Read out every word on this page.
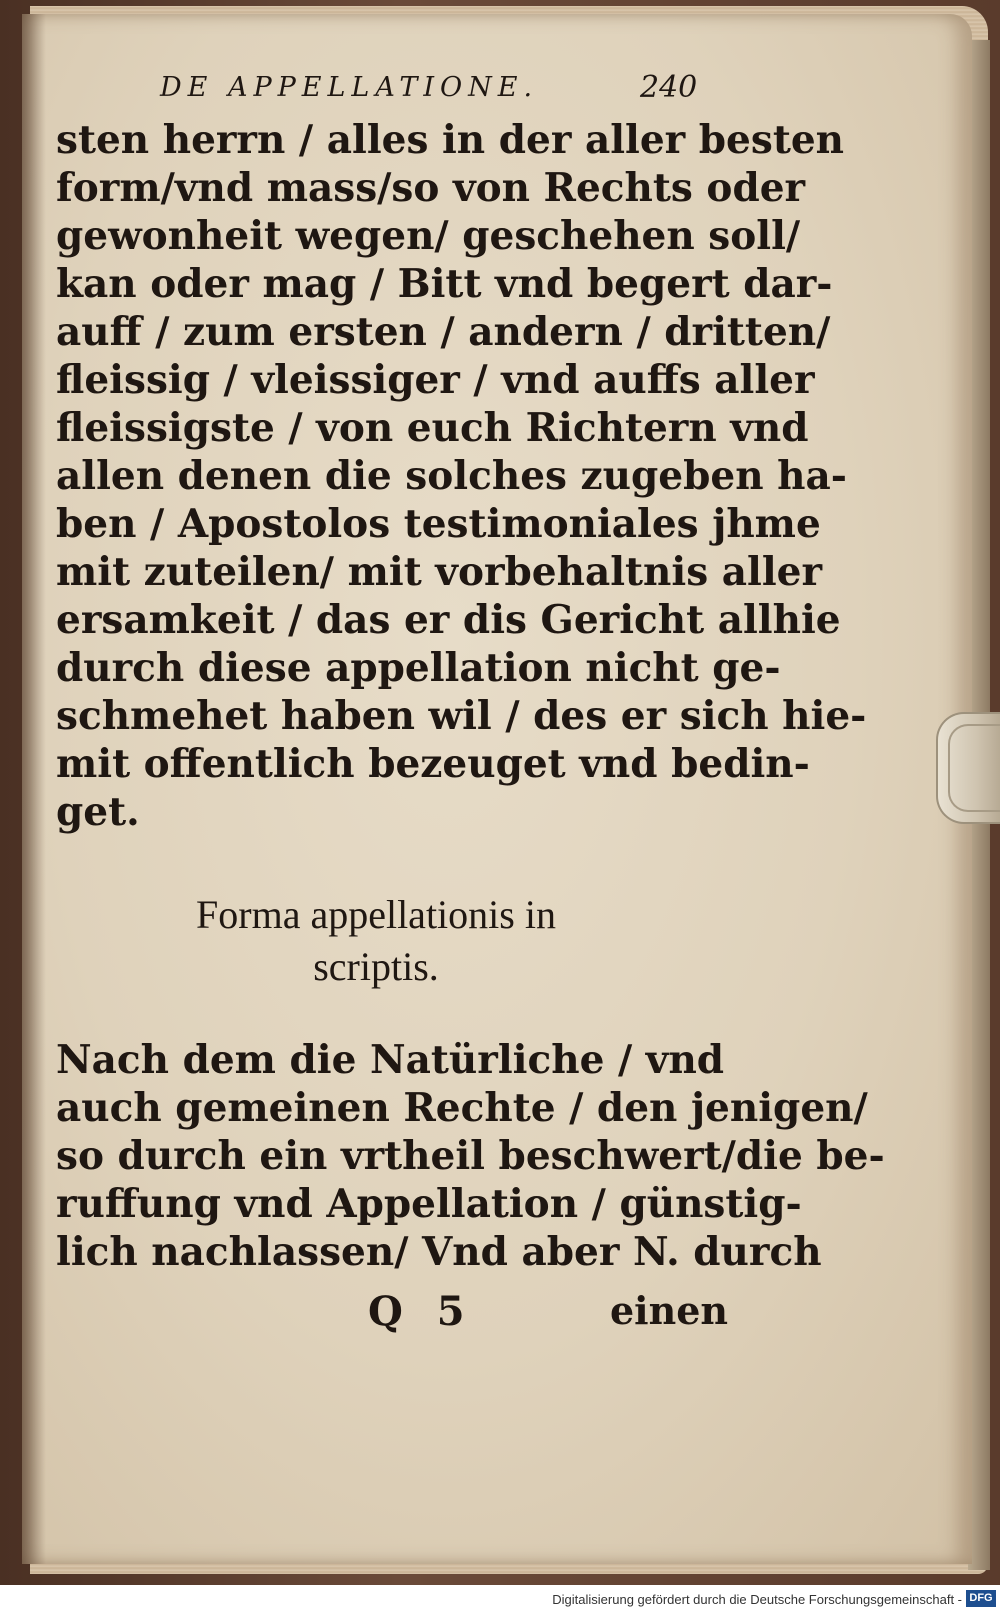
DE APPELLATIONE.	240
sten herrn / alles in der aller besten
form/vnd mass/so von Rechts oder
gewonheit wegen/ geschehen soll/
kan oder mag / Bitt vnd begert dar-
auff / zum ersten / andern / dritten/
fleissig / vleissiger / vnd auffs aller
fleissigste / von euch Richtern vnd
allen denen die solches zugeben ha-
ben / Apostolos testimoniales jhme
mit zuteilen/ mit vorbehaltnis aller
ersamkeit / das er dis Gericht allhie
durch diese appellation nicht ge-
schmehet haben wil / des er sich hie-
mit offentlich bezeuget vnd bedin-
get.
Forma appellationis in
scriptis.
Nach dem die Natürliche / vnd
auch gemeinen Rechte / den jenigen/
so durch ein vrtheil beschwert/die be-
ruffung vnd Appellation / günstig-
lich nachlassen/ Vnd aber N. durch
Q 5	einen
Digitalisierung gefördert durch die Deutsche Forschungsgemeinschaft - DFG
